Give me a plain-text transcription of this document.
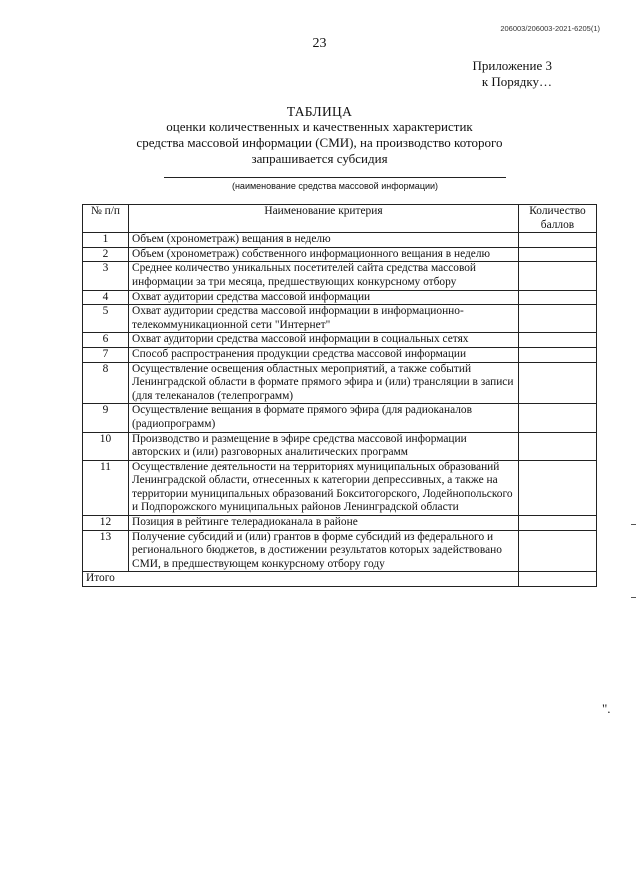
206003/206003-2021-6205(1)
23
Приложение 3
к Порядку…
ТАБЛИЦА
оценки количественных и качественных характеристик
средства массовой информации (СМИ), на производство которого
запрашивается субсидия
(наименование средства массовой информации)
№ п/п	Наименование критерия	Количество баллов
1	Объем (хронометраж) вещания в неделю	
2	Объем (хронометраж) собственного информационного вещания в неделю	
3	Среднее количество уникальных посетителей сайта средства массовой информации за три месяца, предшествующих конкурсному отбору	
4	Охват аудитории средства массовой информации	
5	Охват аудитории средства массовой информации в информационно-телекоммуникационной сети "Интернет"	
6	Охват аудитории средства массовой информации в социальных сетях	
7	Способ распространения продукции средства массовой информации	
8	Осуществление освещения областных мероприятий, а также событий Ленинградской области в формате прямого эфира и (или) трансляции в записи (для телеканалов (телепрограмм)	
9	Осуществление вещания в формате прямого эфира (для радиоканалов (радиопрограмм)	
10	Производство и размещение в эфире средства массовой информации авторских и (или) разговорных аналитических программ	
11	Осуществление деятельности на территориях муниципальных образований Ленинградской области, отнесенных к категории депрессивных, а также на территории муниципальных образований Бокситогорского, Лодейнопольского и Подпорожского муниципальных районов Ленинградской области	
12	Позиция в рейтинге телерадиоканала в районе	
13	Получение субсидий и (или) грантов в форме субсидий из федерального и регионального бюджетов, в достижении результатов которых задействовано СМИ, в предшествующем конкурсному отбору году	
Итого		
".
